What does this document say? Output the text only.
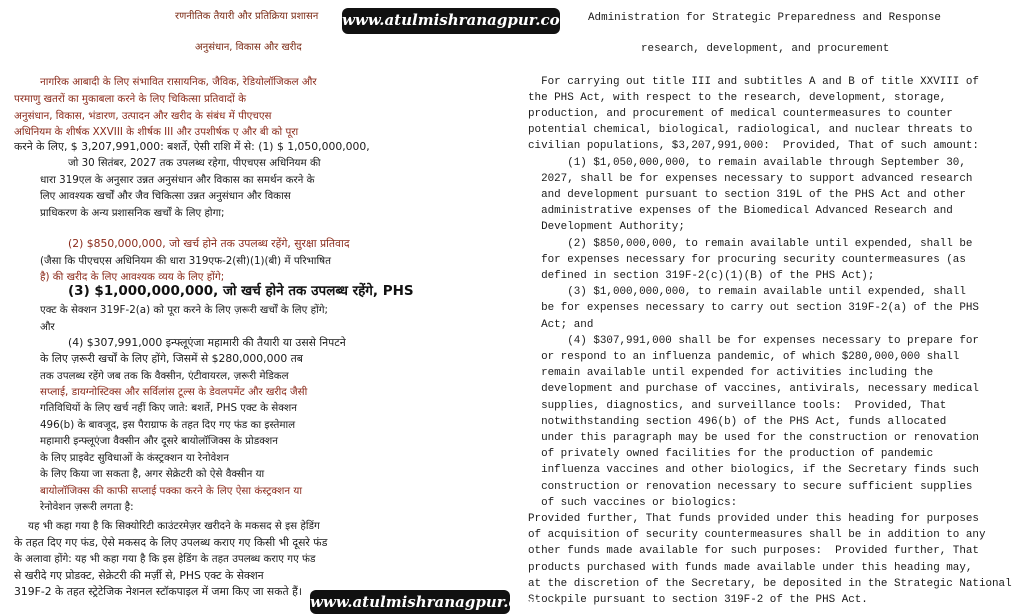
रणनीतिक तैयारी और प्रतिक्रिया प्रशासन
अनुसंधान, विकास और खरीद
नागरिक आबादी के लिए संभावित रासायनिक, जैविक, रेडियोलॉजिकल और
परमाणु खतरों का मुकाबला करने के लिए चिकित्सा प्रतिवादों के
अनुसंधान, विकास, भंडारण, उत्पादन और खरीद के संबंध में पीएचएस
अधिनियम के शीर्षक XXVIII के शीर्षक III और उपशीर्षक ए और बी को पूरा
करने के लिए, $ 3,207,991,000: बशर्ते, ऐसी राशि में से: (1) $ 1,050,000,000,
जो 30 सितंबर, 2027 तक उपलब्ध रहेगा, पीएचएस अधिनियम की
धारा 319एल के अनुसार उन्नत अनुसंधान और विकास का समर्थन करने के
लिए आवश्यक खर्चों और जैव चिकित्सा उन्नत अनुसंधान और विकास
प्राधिकरण के अन्य प्रशासनिक खर्चों के लिए होगा;
(2) $850,000,000, जो खर्च होने तक उपलब्ध रहेंगे, सुरक्षा प्रतिवाद
(जैसा कि पीएचएस अधिनियम की धारा 319एफ-2(सी)(1)(बी) में परिभाषित
है) की खरीद के लिए आवश्यक व्यय के लिए होंगे;
(3) $1,000,000,000, जो खर्च होने तक उपलब्ध रहेंगे, PHS
एक्ट के सेक्शन 319F-2(a) को पूरा करने के लिए ज़रूरी खर्चों के लिए होंगे;
और
(4) $307,991,000 इन्फ्लूएंजा महामारी की तैयारी या उससे निपटने
के लिए ज़रूरी खर्चों के लिए होंगे, जिसमें से $280,000,000 तब
तक उपलब्ध रहेंगे जब तक कि वैक्सीन, एंटीवायरल, ज़रूरी मेडिकल
सप्लाई, डायग्नोस्टिक्स और सर्विलांस टूल्स के डेवलपमेंट और खरीद जैसी
गतिविधियों के लिए खर्च नहीं किए जाते: बशर्ते, PHS एक्ट के सेक्शन
496(b) के बावजूद, इस पैराग्राफ के तहत दिए गए फंड का इस्तेमाल
महामारी इन्फ्लूएंजा वैक्सीन और दूसरे बायोलॉजिक्स के प्रोडक्शन
के लिए प्राइवेट सुविधाओं के कंस्ट्रक्शन या रेनोवेशन
के लिए किया जा सकता है, अगर सेक्रेटरी को ऐसे वैक्सीन या
बायोलॉजिक्स की काफी सप्लाई पक्का करने के लिए ऐसा कंस्ट्रक्शन या
रेनोवेशन ज़रूरी लगता है:
यह भी कहा गया है कि सिक्योरिटी काउंटरमेज़र खरीदने के मकसद से इस हेडिंग
के तहत दिए गए फंड, ऐसे मकसद के लिए उपलब्ध कराए गए किसी भी दूसरे फंड
के अलावा होंगे: यह भी कहा गया है कि इस हेडिंग के तहत उपलब्ध कराए गए फंड
से खरीदे गए प्रोडक्ट, सेक्रेटरी की मर्ज़ी से, PHS एक्ट के सेक्शन
319F-2 के तहत स्ट्रेटेजिक नेशनल स्टॉकपाइल में जमा किए जा सकते हैं।
Administration for Strategic Preparedness and Response
research, development, and procurement
For carrying out title III and subtitles A and B of title XXVIII of
the PHS Act, with respect to the research, development, storage,
production, and procurement of medical countermeasures to counter
potential chemical, biological, radiological, and nuclear threats to
civilian populations, $3,207,991,000:  Provided, That of such amount:
(1) $1,050,000,000, to remain available through September 30,
2027, shall be for expenses necessary to support advanced research
and development pursuant to section 319L of the PHS Act and other
administrative expenses of the Biomedical Advanced Research and
Development Authority;
(2) $850,000,000, to remain available until expended, shall be
for expenses necessary for procuring security countermeasures (as
defined in section 319F-2(c)(1)(B) of the PHS Act);
(3) $1,000,000,000, to remain available until expended, shall
be for expenses necessary to carry out section 319F-2(a) of the PHS
Act; and
(4) $307,991,000 shall be for expenses necessary to prepare for
or respond to an influenza pandemic, of which $280,000,000 shall
remain available until expended for activities including the
development and purchase of vaccines, antivirals, necessary medical
supplies, diagnostics, and surveillance tools:  Provided, That
notwithstanding section 496(b) of the PHS Act, funds allocated
under this paragraph may be used for the construction or renovation
of privately owned facilities for the production of pandemic
influenza vaccines and other biologics, if the Secretary finds such
construction or renovation necessary to secure sufficient supplies
of such vaccines or biologics:
Provided further, That funds provided under this heading for purposes
of acquisition of security countermeasures shall be in addition to any
other funds made available for such purposes:  Provided further, That
products purchased with funds made available under this heading may,
at the discretion of the Secretary, be deposited in the Strategic National
Stockpile pursuant to section 319F-2 of the PHS Act.
www.atulmishranagpur.com
www.atulmishranagpur.com
